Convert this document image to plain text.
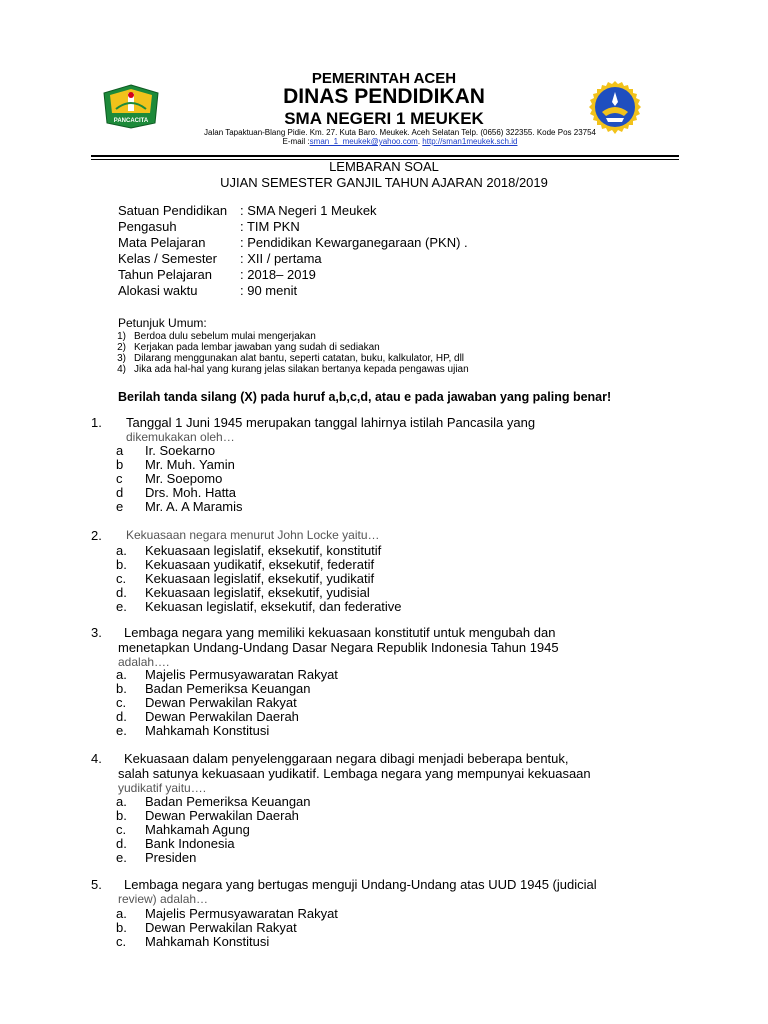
PANCACITA
PEMERINTAH ACEH
DINAS PENDIDIKAN
SMA NEGERI 1 MEUKEK
Jalan Tapaktuan-Blang Pidie. Km. 27. Kuta Baro. Meukek. Aceh Selatan Telp. (0656) 322355. Kode Pos 23754
E-mail :sman_1_meukek@yahoo.com. http://sman1meukek.sch.id
LEMBARAN SOAL
UJIAN SEMESTER GANJIL TAHUN AJARAN 2018/2019
Satuan Pendidikan : SMA Negeri 1 Meukek
Pengasuh	: TIM PKN
Mata Pelajaran	: Pendidikan Kewarganegaraan (PKN) .
Kelas / Semester : XII / pertama
Tahun Pelajaran : 2018– 2019
Alokasi waktu	: 90 menit
Petunjuk Umum:
1) Berdoa dulu sebelum mulai mengerjakan
2) Kerjakan pada lembar jawaban yang sudah di sediakan
3) Dilarang menggunakan alat bantu, seperti catatan, buku, kalkulator, HP, dll
4) Jika ada hal-hal yang kurang jelas silakan bertanya kepada pengawas ujian
Berilah tanda silang (X) pada huruf a,b,c,d, atau e pada jawaban yang paling benar!
1. Tanggal 1 Juni 1945 merupakan tanggal lahirnya istilah Pancasila yang
dikemukakan oleh…
a Ir. Soekarno
b Mr. Muh. Yamin
c Mr. Soepomo
d Drs. Moh. Hatta
e Mr. A. A Maramis
2. Kekuasaan negara menurut John Locke yaitu…
a. Kekuasaan legislatif, eksekutif, konstitutif
b. Kekuasaan yudikatif, eksekutif, federatif
c. Kekuasaan legislatif, eksekutif, yudikatif
d. Kekuasaan legislatif, eksekutif, yudisial
e. Kekuasan legislatif, eksekutif, dan federative
3. Lembaga negara yang memiliki kekuasaan konstitutif untuk mengubah dan
menetapkan Undang-Undang Dasar Negara Republik Indonesia Tahun 1945
adalah….
a. Majelis Permusyawaratan Rakyat
b. Badan Pemeriksa Keuangan
c. Dewan Perwakilan Rakyat
d. Dewan Perwakilan Daerah
e. Mahkamah Konstitusi
4. Kekuasaan dalam penyelenggaraan negara dibagi menjadi beberapa bentuk,
salah satunya kekuasaan yudikatif. Lembaga negara yang mempunyai kekuasaan
yudikatif yaitu….
a. Badan Pemeriksa Keuangan
b. Dewan Perwakilan Daerah
c. Mahkamah Agung
d. Bank Indonesia
e. Presiden
5. Lembaga negara yang bertugas menguji Undang-Undang atas UUD 1945 (judicial
review) adalah…
a. Majelis Permusyawaratan Rakyat
b. Dewan Perwakilan Rakyat
c. Mahkamah Konstitusi
